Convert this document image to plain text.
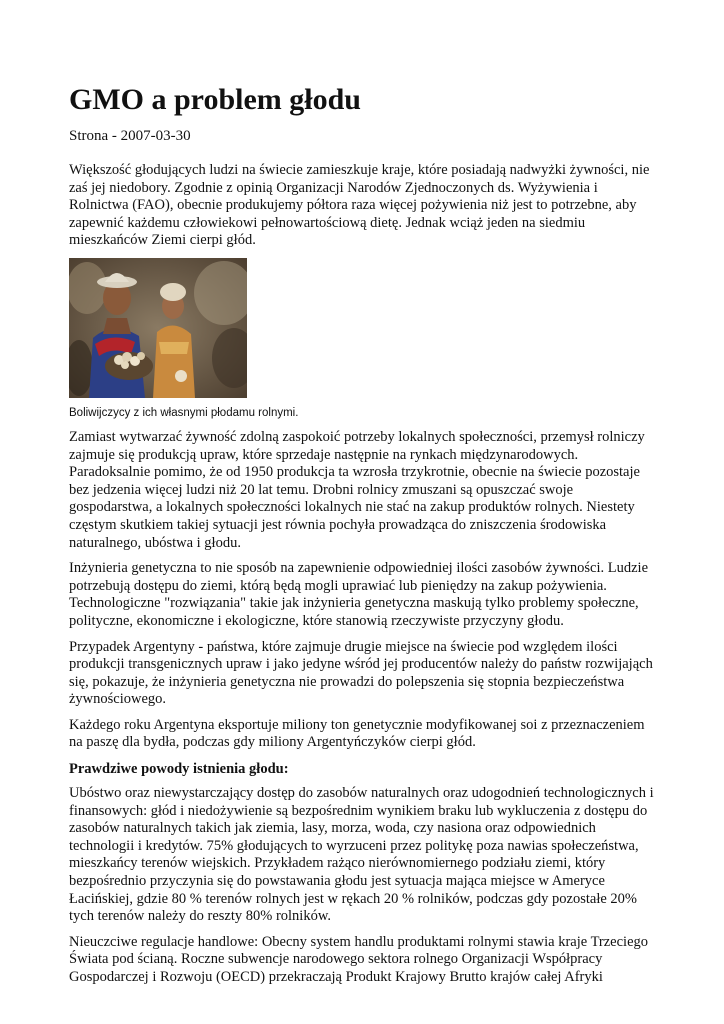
GMO a problem głodu
Strona - 2007-03-30

Większość głodujących ludzi na świecie zamieszkuje kraje, które posiadają nadwyżki żywności, nie zaś jej niedobory. Zgodnie z opinią Organizacji Narodów Zjednoczonych ds. Wyżywienia i Rolnictwa (FAO), obecnie produkujemy półtora raza więcej pożywienia niż jest to potrzebne, aby zapewnić każdemu człowiekowi pełnowartościową dietę. Jednak wciąż jeden na siedmiu mieszkańców Ziemi cierpi głód.

Boliwijczycy z ich własnymi płodamu rolnymi.

Zamiast wytwarzać żywność zdolną zaspokoić potrzeby lokalnych społeczności, przemysł rolniczy zajmuje się produkcją upraw, które sprzedaje następnie na rynkach międzynarodowych. Paradoksalnie pomimo, że od 1950 produkcja ta wzrosła trzykrotnie, obecnie na świecie pozostaje bez jedzenia więcej ludzi niż 20 lat temu. Drobni rolnicy zmuszani są opuszczać swoje gospodarstwa, a lokalnych społeczności lokalnych nie stać na zakup produktów rolnych. Niestety częstym skutkiem takiej sytuacji jest równia pochyła prowadząca do zniszczenia środowiska naturalnego, ubóstwa i głodu.

Inżynieria genetyczna to nie sposób na zapewnienie odpowiedniej ilości zasobów żywności. Ludzie potrzebują dostępu do ziemi, którą będą mogli uprawiać lub pieniędzy na zakup pożywienia. Technologiczne "rozwiązania" takie jak inżynieria genetyczna maskują tylko problemy społeczne, polityczne, ekonomiczne i ekologiczne, które stanowią rzeczywiste przyczyny głodu.

Przypadek Argentyny - państwa, które zajmuje drugie miejsce na świecie pod względem ilości produkcji transgenicznych upraw i jako jedyne wśród jej producentów należy do państw rozwijająch się, pokazuje, że inżynieria genetyczna nie prowadzi do polepszenia się stopnia bezpieczeństwa żywnościowego.

Każdego roku Argentyna eksportuje miliony ton genetycznie modyfikowanej soi z przeznaczeniem na paszę dla bydła, podczas gdy miliony Argentyńczyków cierpi głód.

Prawdziwe powody istnienia głodu:

Ubóstwo oraz niewystarczający dostęp do zasobów naturalnych oraz udogodnień technologicznych i finansowych: głód i niedożywienie są bezpośrednim wynikiem braku lub wykluczenia z dostępu do zasobów naturalnych takich jak ziemia, lasy, morza, woda, czy nasiona oraz odpowiednich technologii i kredytów. 75% głodujących to wyrzuceni przez politykę poza nawias społeczeństwa, mieszkańcy terenów wiejskich. Przykładem rażąco nierównomiernego podziału ziemi, który bezpośrednio przyczynia się do powstawania głodu jest sytuacja mająca miejsce w Ameryce Łacińskiej, gdzie 80 % terenów rolnych jest w rękach 20 % rolników, podczas gdy pozostałe 20% tych terenów należy do reszty 80% rolników.

Nieuczciwe regulacje handlowe: Obecny system handlu produktami rolnymi stawia kraje Trzeciego Świata pod ścianą. Roczne subwencje narodowego sektora rolnego Organizacji Współpracy Gospodarczej i Rozwoju (OECD) przekraczają Produkt Krajowy Brutto krajów całej Afryki
